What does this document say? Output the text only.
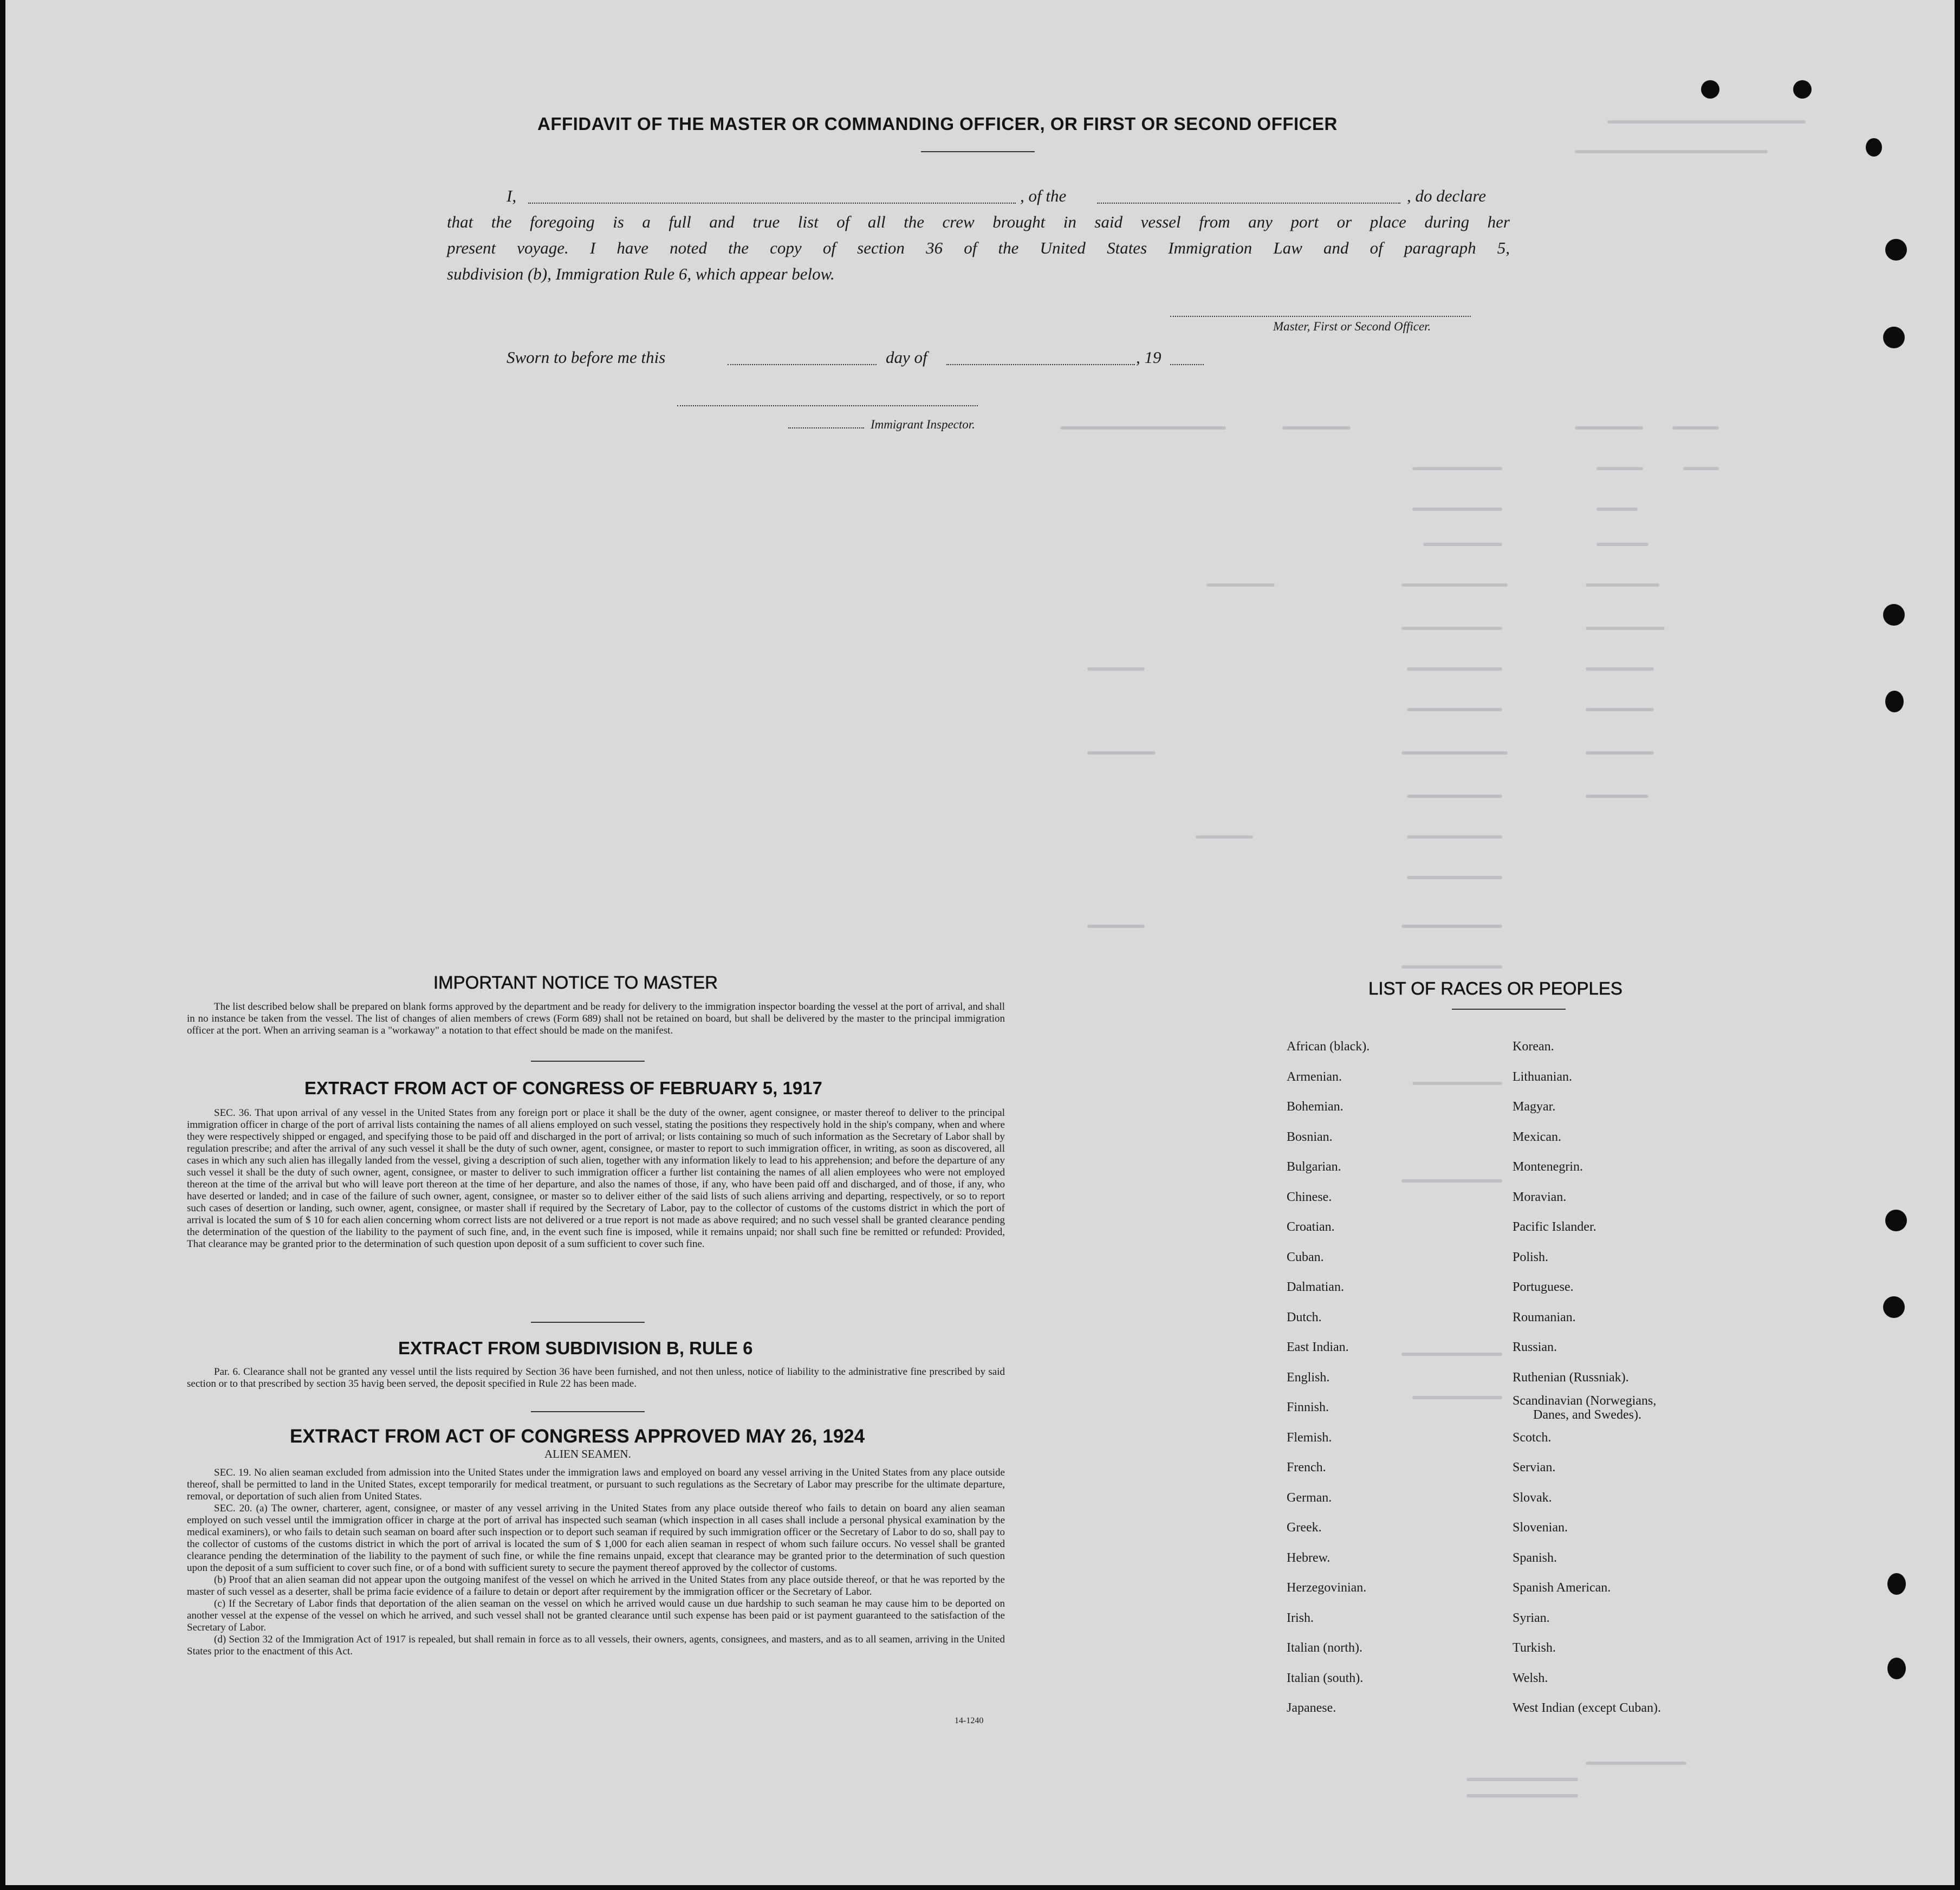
AFFIDAVIT OF THE MASTER OR COMMANDING OFFICER, OR FIRST OR SECOND OFFICER
I,	, of the	, do declare
that the foregoing is a full and true list of all the crew brought in said vessel from any port or place during her
present voyage. I have noted the copy of section 36 of the United States Immigration Law and of paragraph 5,
subdivision (b), Immigration Rule 6, which appear below.
Master, First or Second Officer.
Sworn to before me this	day of	, 19
Immigrant Inspector.
IMPORTANT NOTICE TO MASTER

The list described below shall be prepared on blank forms approved by the department and be ready for delivery to the immigration inspector boarding the vessel at the port of arrival, and shall in no instance be taken from the vessel. The list of changes of alien members of crews (Form 689) shall not be retained on board, but shall be delivered by the master to the principal immigration officer at the port. When an arriving seaman is a "workaway" a notation to that effect should be made on the manifest.

EXTRACT FROM ACT OF CONGRESS OF FEBRUARY 5, 1917

SEC. 36. That upon arrival of any vessel in the United States from any foreign port or place it shall be the duty of the owner, agent consignee, or master thereof to deliver to the principal immigration officer in charge of the port of arrival lists containing the names of all aliens employed on such vessel, stating the positions they respectively hold in the ship's company, when and where they were respectively shipped or engaged, and specifying those to be paid off and discharged in the port of arrival; or lists containing so much of such information as the Secretary of Labor shall by regulation prescribe; and after the arrival of any such vessel it shall be the duty of such owner, agent, consignee, or master to report to such immigration officer, in writing, as soon as discovered, all cases in which any such alien has illegally landed from the vessel, giving a description of such alien, together with any information likely to lead to his apprehension; and before the departure of any such vessel it shall be the duty of such owner, agent, consignee, or master to deliver to such immigration officer a further list containing the names of all alien employees who were not employed thereon at the time of the arrival but who will leave port thereon at the time of her departure, and also the names of those, if any, who have been paid off and discharged, and of those, if any, who have deserted or landed; and in case of the failure of such owner, agent, consignee, or master so to deliver either of the said lists of such aliens arriving and departing, respectively, or so to report such cases of desertion or landing, such owner, agent, consignee, or master shall if required by the Secretary of Labor, pay to the collector of customs of the customs district in which the port of arrival is located the sum of $ 10 for each alien concerning whom correct lists are not delivered or a true report is not made as above required; and no such vessel shall be granted clearance pending the determination of the question of the liability to the payment of such fine, and, in the event such fine is imposed, while it remains unpaid; nor shall such fine be remitted or refunded: Provided, That clearance may be granted prior to the determination of such question upon deposit of a sum sufficient to cover such fine.

EXTRACT FROM SUBDIVISION B, RULE 6

Par. 6. Clearance shall not be granted any vessel until the lists required by Section 36 have been furnished, and not then unless, notice of liability to the administrative fine prescribed by said section or to that prescribed by section 35 havig been served, the deposit specified in Rule 22 has been made.

EXTRACT FROM ACT OF CONGRESS APPROVED MAY 26, 1924
ALIEN SEAMEN.

SEC. 19. No alien seaman excluded from admission into the United States under the immigration laws and employed on board any vessel arriving in the United States from any place outside thereof, shall be permitted to land in the United States, except temporarily for medical treatment, or pursuant to such regulations as the Secretary of Labor may prescribe for the ultimate departure, removal, or deportation of such alien from United States.

SEC. 20. (a) The owner, charterer, agent, consignee, or master of any vessel arriving in the United States from any place outside thereof who fails to detain on board any alien seaman employed on such vessel until the immigration officer in charge at the port of arrival has inspected such seaman (which inspection in all cases shall include a personal physical examination by the medical examiners), or who fails to detain such seaman on board after such inspection or to deport such seaman if required by such immigration officer or the Secretary of Labor to do so, shall pay to the collector of customs of the customs district in which the port of arrival is located the sum of $ 1,000 for each alien seaman in respect of whom such failure occurs. No vessel shall be granted clearance pending the determination of the liability to the payment of such fine, or while the fine remains unpaid, except that clearance may be granted prior to the determination of such question upon the deposit of a sum sufficient to cover such fine, or of a bond with sufficient surety to secure the payment thereof approved by the collector of customs.

(b) Proof that an alien seaman did not appear upon the outgoing manifest of the vessel on which he arrived in the United States from any place outside thereof, or that he was reported by the master of such vessel as a deserter, shall be prima facie evidence of a failure to detain or deport after requirement by the immigration officer or the Secretary of Labor.

(c) If the Secretary of Labor finds that deportation of the alien seaman on the vessel on which he arrived would cause un due hardship to such seaman he may cause him to be deported on another vessel at the expense of the vessel on which he arrived, and such vessel shall not be granted clearance until such expense has been paid or ist payment guaranteed to the satisfaction of the Secretary of Labor.

(d) Section 32 of the Immigration Act of 1917 is repealed, but shall remain in force as to all vessels, their owners, agents, consignees, and masters, and as to all seamen, arriving in the United States prior to the enactment of this Act.

14-1240
LIST OF RACES OR PEOPLES
African (black).
Armenian.
Bohemian.
Bosnian.
Bulgarian.
Chinese.
Croatian.
Cuban.
Dalmatian.
Dutch.
East Indian.
English.
Finnish.
Flemish.
French.
German.
Greek.
Hebrew.
Herzegovinian.
Irish.
Italian (north).
Italian (south).
Japanese.
Korean.
Lithuanian.
Magyar.
Mexican.
Montenegrin.
Moravian.
Pacific Islander.
Polish.
Portuguese.
Roumanian.
Russian.
Ruthenian (Russniak).
Scandinavian (Norwegians,
Danes, and Swedes).
Scotch.
Servian.
Slovak.
Slovenian.
Spanish.
Spanish American.
Syrian.
Turkish.
Welsh.
West Indian (except Cuban).
